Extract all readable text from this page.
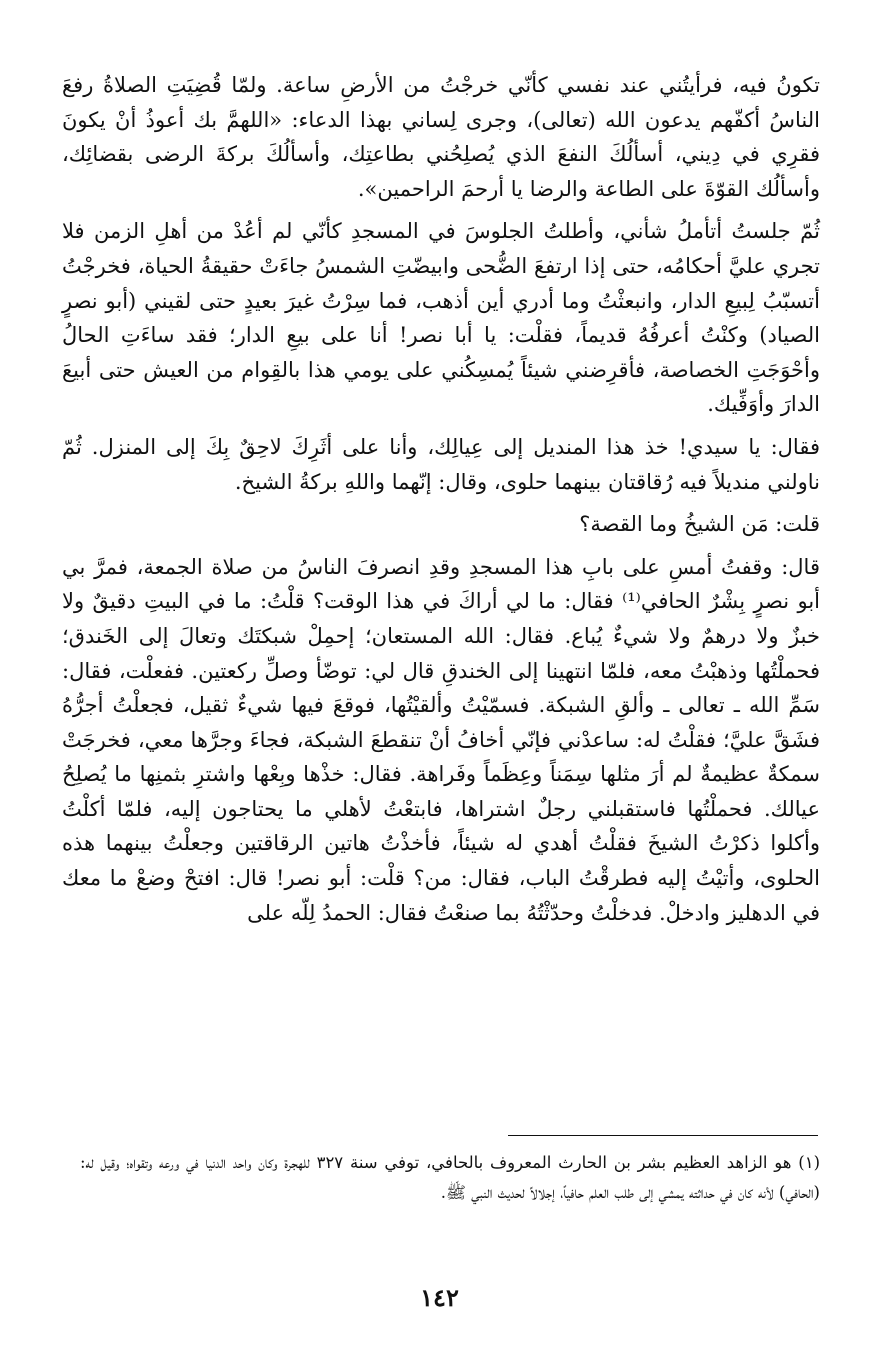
تكونُ فيه، فرأيتُني عند نفسي كأنّي خرجْتُ من الأرضِ ساعة. ولمّا قُضِيَتِ الصلاةُ رفعَ الناسُ أكفّهم يدعون الله (تعالى)، وجرى لِساني بهذا الدعاء: «اللهمَّ بك أعوذُ أنْ يكونَ فقرِي في دِيني، أسألُكَ النفعَ الذي يُصلِحُني بطاعتِك، وأسألُكَ بركةَ الرضى بقضائِك، وأسألُك القوّةَ على الطاعة والرضا يا أرحمَ الراحمين».

ثُمّ جلستُ أتأملُ شأني، وأطلتُ الجلوسَ في المسجدِ كأنّي لم أعُدْ من أهلِ الزمن فلا تجري عليَّ أحكامُه، حتى إذا ارتفعَ الضُّحى وابيضّتِ الشمسُ جاءَتْ حقيقةُ الحياة، فخرجْتُ أتسبّبُ لِبيعِ الدار، وانبعثْتُ وما أدري أين أذهب، فما سِرْتُ غيرَ بعيدٍ حتى لقيني (أبو نصرٍ الصياد) وكنْتُ أعرفُهُ قديماً، فقلْت: يا أبا نصر! أنا على بيعِ الدار؛ فقد ساءَتِ الحالُ وأحْوَجَتِ الخصاصة، فأقرِضني شيئاً يُمسِكُني على يومي هذا بالقِوام من العيش حتى أبيعَ الدارَ وأوَفِّيك.

فقال: يا سيدي! خذ هذا المنديل إلى عِيالِك، وأنا على أثَرِكَ لاحِقٌ بِكَ إلى المنزل. ثُمّ ناولني منديلاً فيه رُقاقتان بينهما حلوى، وقال: إنّهما واللهِ بركةُ الشيخ.

قلت: مَن الشيخُ وما القصة؟

قال: وقفتُ أمسِ على بابِ هذا المسجدِ وقدِ انصرفَ الناسُ من صلاة الجمعة، فمرَّ بي أبو نصرٍ بِشْرٌ الحافي⁽¹⁾ فقال: ما لي أراكَ في هذا الوقت؟ قلْتُ: ما في البيتِ دقيقٌ ولا خبزٌ ولا درهمٌ ولا شيءٌ يُباع. فقال: الله المستعان؛ إحمِلْ شبكتَك وتعالَ إلى الخَندق؛ فحملْتُها وذهبْتُ معه، فلمّا انتهينا إلى الخندقِ قال لي: توضّأ وصلِّ ركعتين. ففعلْت، فقال: سَمِّ الله ـ تعالى ـ وألقِ الشبكة. فسمّيْتُ وألقيْتُها، فوقعَ فيها شيءٌ ثقيل، فجعلْتُ أجرُّهُ فشَقَّ عليَّ؛ فقلْتُ له: ساعدْني فإنّي أخافُ أنْ تنقطعَ الشبكة، فجاءَ وجرَّها معي، فخرجَتْ سمكةٌ عظيمةٌ لم أرَ مثلها سِمَناً وعِظَماً وفَراهة. فقال: خذْها وبِعْها واشترِ بثمنِها ما يُصلِحُ عيالك. فحملْتُها فاستقبلني رجلٌ اشتراها، فابتعْتُ لأهلي ما يحتاجون إليه، فلمّا أكلْتُ وأكلوا ذكرْتُ الشيخَ فقلْتُ أهدي له شيئاً، فأخذْتُ هاتين الرقاقتين وجعلْتُ بينهما هذه الحلوى، وأتيْتُ إليه فطرقْتُ الباب، فقال: من؟ قلْت: أبو نصر! قال: افتحْ وضعْ ما معك في الدهليز وادخلْ. فدخلْتُ وحدّثْتُهُ بما صنعْتُ فقال: الحمدُ لِلّه على

(١) هو الزاهد العظيم بشر بن الحارث المعروف بالحافي، توفي سنة ٣٢٧ للهجرة وكان واحد الدنيا في ورعه وتقواه؛ وقيل له: (الحافي) لأنه كان في حداثته يمشي إلى طلب العلم حافياً، إجلالاً لحديث النبي ﷺ.

١٤٢
